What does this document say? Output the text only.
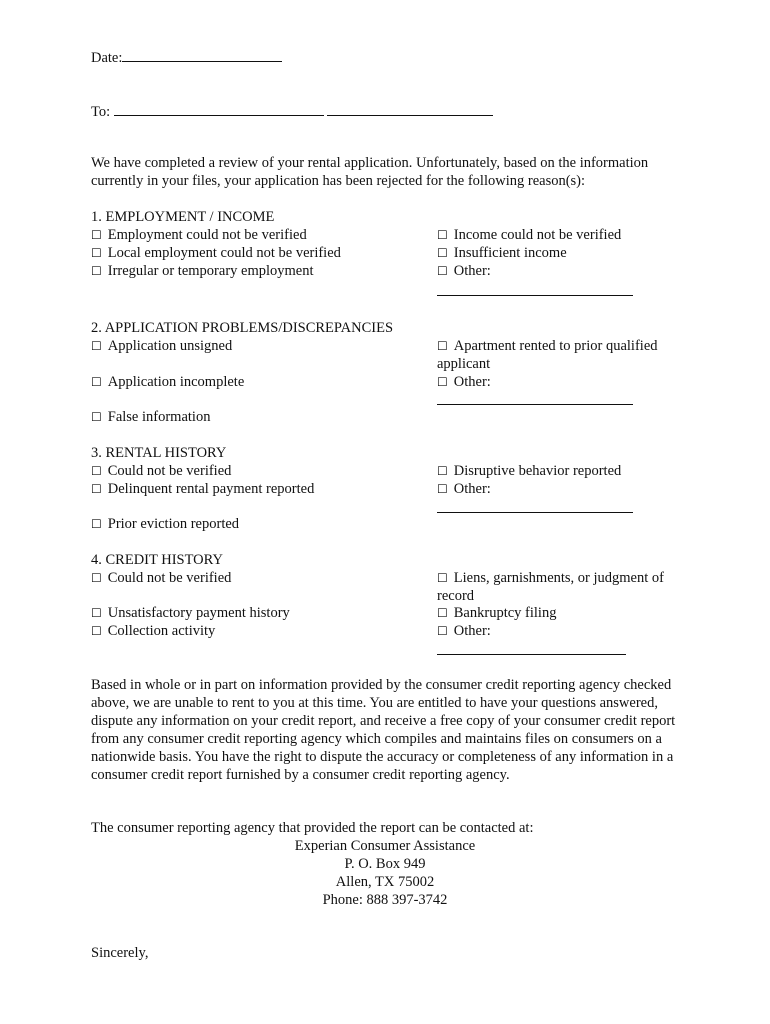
Date:
To:
We have completed a review of your rental application. Unfortunately, based on the information currently in your files, your application has been rejected for the following reason(s):
1. EMPLOYMENT / INCOME
☐ Employment could not be verified
☐ Local employment could not be verified
☐ Irregular or temporary employment
☐ Income could not be verified
☐ Insufficient income
☐ Other:
2. APPLICATION PROBLEMS/DISCREPANCIES
☐ Application unsigned
☐ Application incomplete
☐ False information
☐ Apartment rented to prior qualified
applicant
☐ Other:
3. RENTAL HISTORY
☐ Could not be verified
☐ Delinquent rental payment reported
☐ Prior eviction reported
☐ Disruptive behavior reported
☐ Other:
4. CREDIT HISTORY
☐ Could not be verified
☐ Unsatisfactory payment history
☐ Collection activity
☐ Liens, garnishments, or judgment of
record
☐ Bankruptcy filing
☐ Other:
Based in whole or in part on information provided by the consumer credit reporting agency checked above, we are unable to rent to you at this time. You are entitled to have your questions answered, dispute any information on your credit report, and receive a free copy of your consumer credit report from any consumer credit reporting agency which compiles and maintains files on consumers on a nationwide basis. You have the right to dispute the accuracy or completeness of any information in a consumer credit report furnished by a consumer credit reporting agency.
The consumer reporting agency that provided the report can be contacted at:
Experian Consumer Assistance
P. O. Box 949
Allen, TX 75002
Phone: 888 397-3742
Sincerely,
